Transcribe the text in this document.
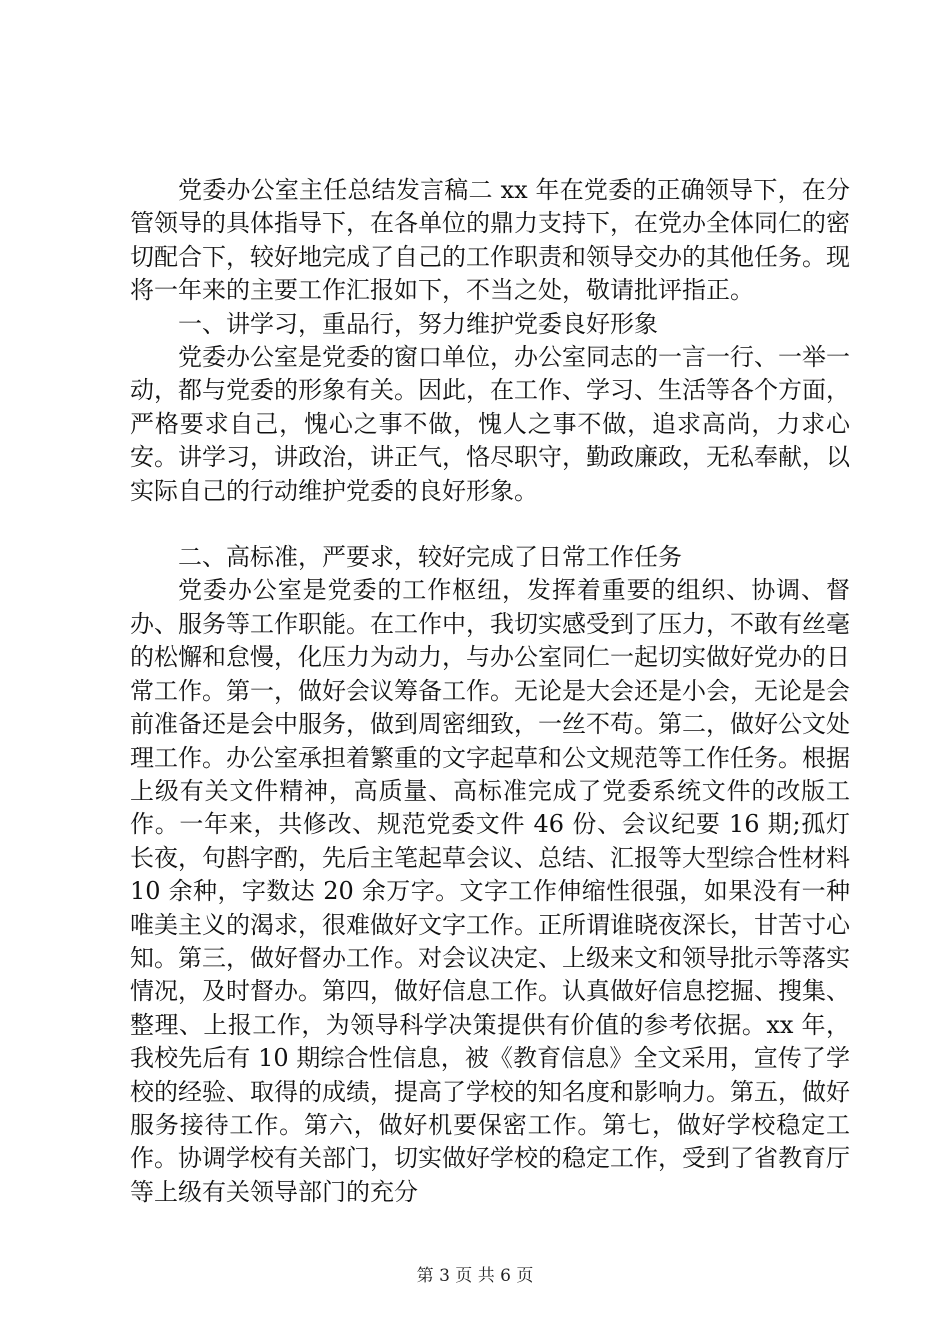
党委办公室主任总结发言稿二 xx 年在党委的正确领导下，在分管领导的具体指导下，在各单位的鼎力支持下，在党办全体同仁的密切配合下，较好地完成了自己的工作职责和领导交办的其他任务。现将一年来的主要工作汇报如下，不当之处，敬请批评指正。

一、讲学习，重品行，努力维护党委良好形象

党委办公室是党委的窗口单位，办公室同志的一言一行、一举一动，都与党委的形象有关。因此，在工作、学习、生活等各个方面，严格要求自己，愧心之事不做，愧人之事不做，追求高尚，力求心安。讲学习，讲政治，讲正气，恪尽职守，勤政廉政，无私奉献，以实际自己的行动维护党委的良好形象。

二、高标准，严要求，较好完成了日常工作任务

党委办公室是党委的工作枢纽，发挥着重要的组织、协调、督办、服务等工作职能。在工作中，我切实感受到了压力，不敢有丝毫的松懈和怠慢，化压力为动力，与办公室同仁一起切实做好党办的日常工作。第一，做好会议筹备工作。无论是大会还是小会，无论是会前准备还是会中服务，做到周密细致，一丝不苟。第二，做好公文处理工作。办公室承担着繁重的文字起草和公文规范等工作任务。根据上级有关文件精神，高质量、高标准完成了党委系统文件的改版工作。一年来，共修改、规范党委文件 46 份、会议纪要 16 期;孤灯长夜，句斟字酌，先后主笔起草会议、总结、汇报等大型综合性材料 10 余种，字数达 20 余万字。文字工作伸缩性很强，如果没有一种唯美主义的渴求，很难做好文字工作。正所谓谁晓夜深长，甘苦寸心知。第三，做好督办工作。对会议决定、上级来文和领导批示等落实情况，及时督办。第四，做好信息工作。认真做好信息挖掘、搜集、整理、上报工作，为领导科学决策提供有价值的参考依据。xx 年，我校先后有 10 期综合性信息，被《教育信息》全文采用，宣传了学校的经验、取得的成绩，提高了学校的知名度和影响力。第五，做好服务接待工作。第六，做好机要保密工作。第七，做好学校稳定工作。协调学校有关部门，切实做好学校的稳定工作，受到了省教育厅等上级有关领导部门的充分

第 3 页 共 6 页
